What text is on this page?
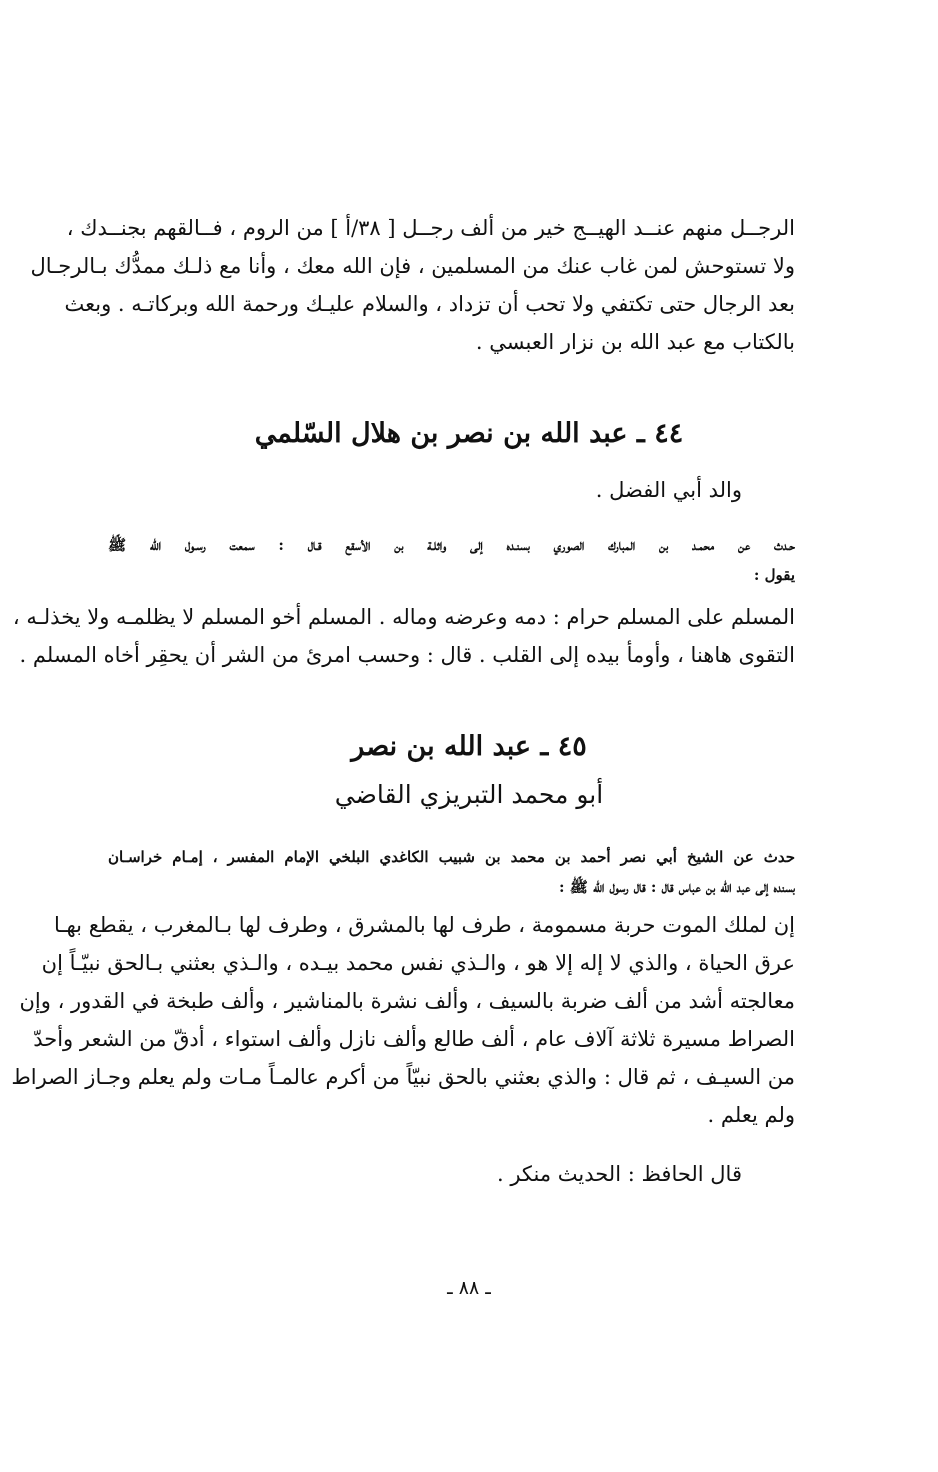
الرجــل منهم عنــد الهيــج خير من ألف رجــل [ ٣٨/أ ] من الروم ، فــالقهم بجنــدك ،
ولا تستوحش لمن غاب عنك من المسلمين ، فإن الله معك ، وأنا مع ذلـك ممدُّك بـالرجـال
بعد الرجال حتى تكتفي ولا تحب أن تزداد ، والسلام عليـك ورحمة الله وبركاتـه . وبعث
بالكتاب مع عبد الله بن نزار العبسي .
٤٤ ـ عبد الله بن نصر بن هلال السّلمي
والد أبي الفضل .
حـدث عن محمـد بن المبارك الصوري بسنـده إلى واثلـة بن الأسقع قـال : سمعت رسـول الله ﷺ
يقول :
المسلم على المسلم حرام : دمه وعرضه وماله . المسلم أخو المسلم لا يظلمـه ولا يخذلـه ،
التقوى هاهنا ، وأومأ بيده إلى القلب . قال : وحسب امرئ من الشر أن يحقِر أخاه المسلم .
٤٥ ـ عبد الله بن نصر
أبو محمد التبريزي القاضي
حدث عن الشيخ أبي نصر أحمد بن محمد بن شبيب الكاغدي البلخي الإمام المفسر ، إمـام خراسـان
بسنده إلى عبد الله بن عباس قال : قال رسول الله ﷺ :
إن لملك الموت حربة مسمومة ، طرف لها بالمشرق ، وطرف لها بـالمغرب ، يقطع بهـا
عرق الحياة ، والذي لا إله إلا هو ، والـذي نفس محمد بيـده ، والـذي بعثني بـالحق نبيّـاً إن
معالجته أشد من ألف ضربة بالسيف ، وألف نشرة بالمناشير ، وألف طبخة في القدور ، وإن
الصراط مسيرة ثلاثة آلاف عام ، ألف طالع وألف نازل وألف استواء ، أدقّ من الشعر وأحدّ
من السيـف ، ثم قال : والذي بعثني بالحق نبيّاً من أكرم عالمـاً مـات ولم يعلم وجـاز الصراط
ولم يعلم .
قال الحافظ : الحديث منكر .
ـ ٨٨ ـ
